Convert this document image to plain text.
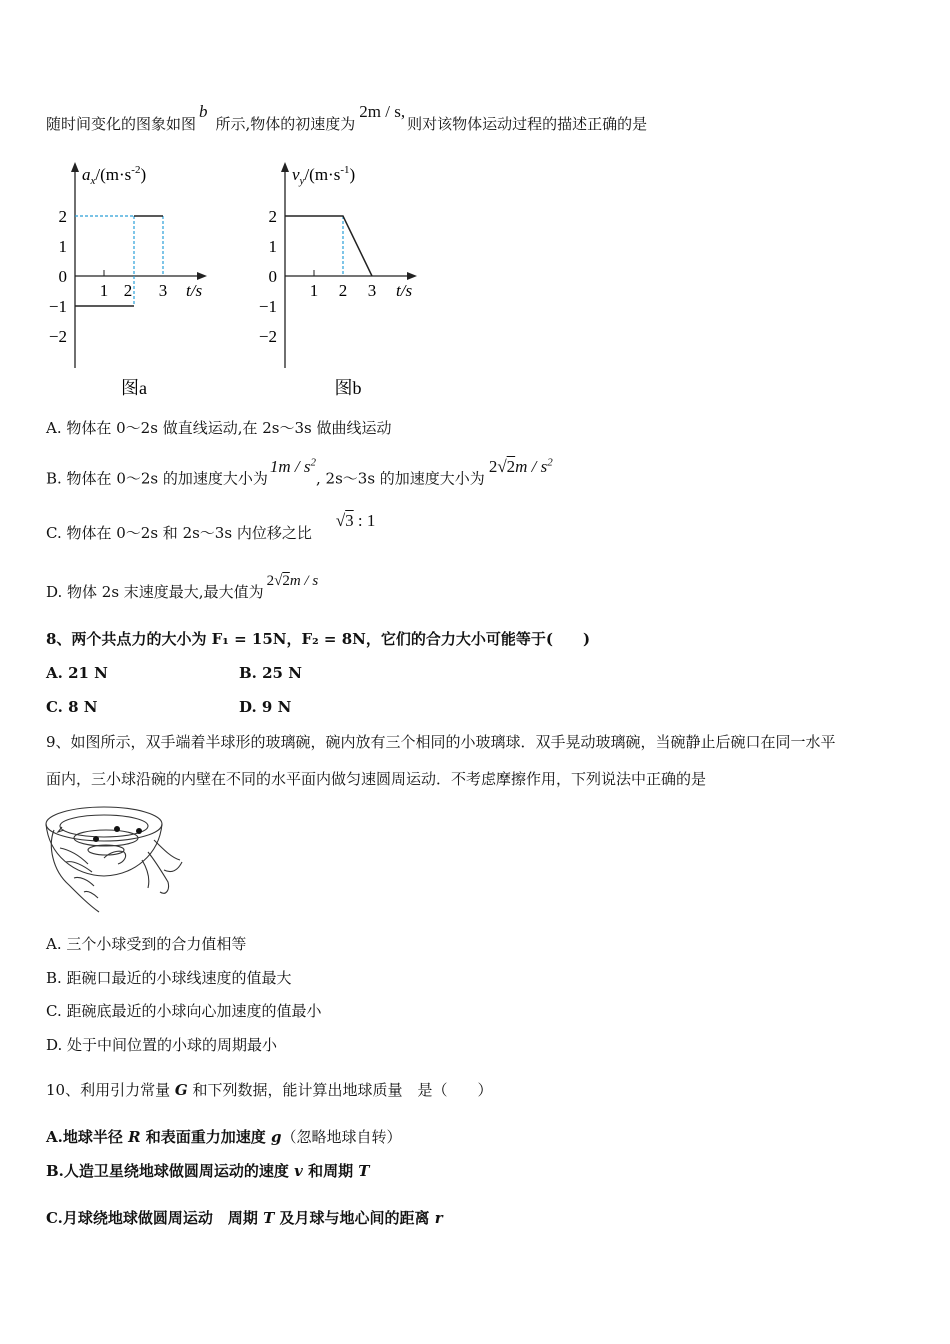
随时间变化的图象如图b所示,物体的初速度为2m / s,则对该物体运动过程的描述正确的是
$a_x/(m\cdot s^{-2})$
2
1
0
−1
−2
1 2 3 t/s
图a
$v_y/(m\cdot s^{-1})$
2
1
0
−1
−2
1 2 3 t/s
图b
A. 物体在 0～2s 做直线运动,在 2s～3s 做曲线运动
B. 物体在 0～2s 的加速度大小为$1m / s^2$, 2s～3s 的加速度大小为$2√2m / s^2$
C. 物体在 0～2s 和 2s～3s 内位移之比√3 : 1
D. 物体 2s 末速度最大,最大值为2√2m / s
8、两个共点力的大小为 F₁ = 15N，F₂ = 8N，它们的合力大小可能等于(　　)
A. 21 N	B. 25 N
C. 8 N	D. 9 N
9、如图所示，双手端着半球形的玻璃碗，碗内放有三个相同的小玻璃球．双手晃动玻璃碗，当碗静止后碗口在同一水平
面内，三小球沿碗的内壁在不同的水平面内做匀速圆周运动．不考虑摩擦作用，下列说法中正确的是
A. 三个小球受到的合力值相等
B. 距碗口最近的小球线速度的值最大
C. 距碗底最近的小球向心加速度的值最小
D. 处于中间位置的小球的周期最小
10、利用引力常量 G 和下列数据，能计算出地球质量　是（　　）
A.地球半径 R 和表面重力加速度 g（忽略地球自转）
B.人造卫星绕地球做圆周运动的速度 v 和周期 T
C.月球绕地球做圆周运动　周期 T 及月球与地心间的距离 r
